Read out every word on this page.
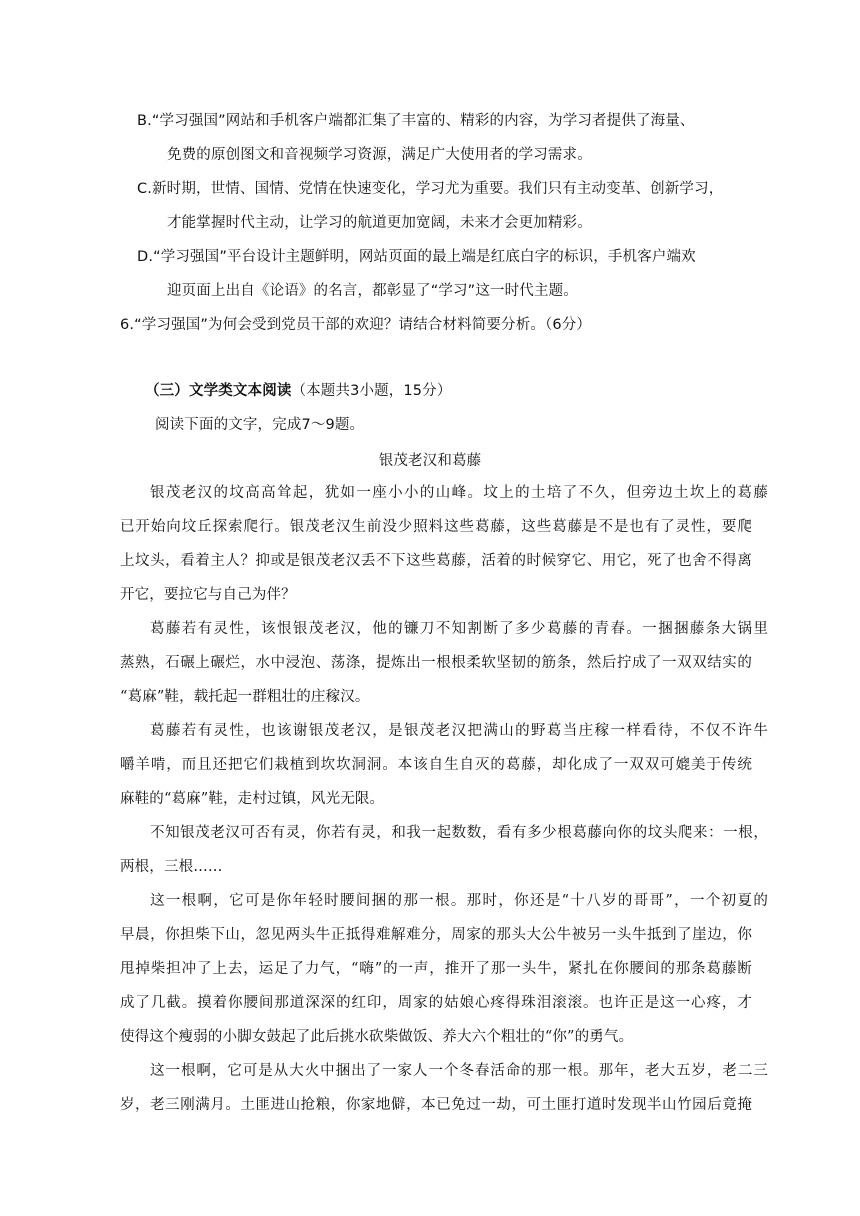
B.“学习强国”网站和手机客户端都汇集了丰富的、精彩的内容，为学习者提供了海量、
免费的原创图文和音视频学习资源，满足广大使用者的学习需求。
C.新时期，世情、国情、党情在快速变化，学习尤为重要。我们只有主动变革、创新学习，
才能掌握时代主动，让学习的航道更加宽阔，未来才会更加精彩。
D.“学习强国”平台设计主题鲜明，网站页面的最上端是红底白字的标识，手机客户端欢
迎页面上出自《论语》的名言，都彰显了“学习”这一时代主题。
6.“学习强国”为何会受到党员干部的欢迎？请结合材料简要分析。（6分）
（三）文学类文本阅读（本题共3小题，15分）
阅读下面的文字，完成7～9题。
银茂老汉和葛藤
银茂老汉的坟高高耸起，犹如一座小小的山峰。坟上的土培了不久，但旁边土坎上的葛藤
已开始向坟丘探索爬行。银茂老汉生前没少照料这些葛藤，这些葛藤是不是也有了灵性，要爬
上坟头，看着主人？抑或是银茂老汉丢不下这些葛藤，活着的时候穿它、用它，死了也舍不得离
开它，要拉它与自己为伴？
葛藤若有灵性，该恨银茂老汉，他的镰刀不知割断了多少葛藤的青春。一捆捆藤条大锅里
蒸熟，石碾上碾烂，水中浸泡、荡涤，提炼出一根根柔软坚韧的筋条，然后拧成了一双双结实的
“葛麻”鞋，载托起一群粗壮的庄稼汉。
葛藤若有灵性，也该谢银茂老汉，是银茂老汉把满山的野葛当庄稼一样看待，不仅不许牛
嚼羊啃，而且还把它们栽植到坎坎洞洞。本该自生自灭的葛藤，却化成了一双双可媲美于传统
麻鞋的“葛麻”鞋，走村过镇，风光无限。
不知银茂老汉可否有灵，你若有灵，和我一起数数，看有多少根葛藤向你的坟头爬来：一根，
两根，三根……
这一根啊，它可是你年轻时腰间捆的那一根。那时，你还是“十八岁的哥哥”，一个初夏的
早晨，你担柴下山，忽见两头牛正抵得难解难分，周家的那头大公牛被另一头牛抵到了崖边，你
甩掉柴担冲了上去，运足了力气，“嗨”的一声，推开了那一头牛，紧扎在你腰间的那条葛藤断
成了几截。摸着你腰间那道深深的红印，周家的姑娘心疼得珠泪滚滚。也许正是这一心疼，才
使得这个瘦弱的小脚女鼓起了此后挑水砍柴做饭、养大六个粗壮的“你”的勇气。
这一根啊，它可是从大火中捆出了一家人一个冬春活命的那一根。那年，老大五岁，老二三
岁，老三刚满月。土匪进山抢粮，你家地僻，本已免过一劫，可土匪打道时发现半山竹园后竟掩
